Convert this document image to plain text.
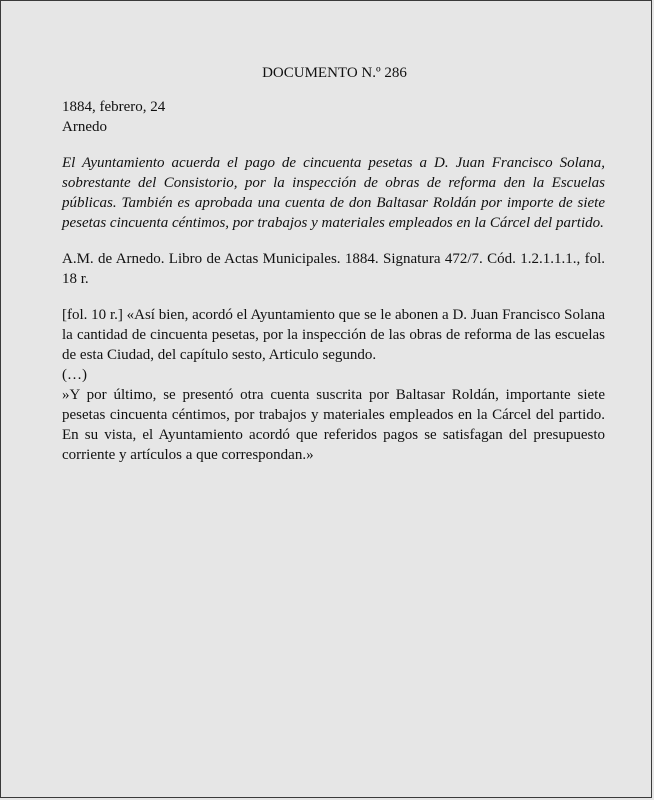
DOCUMENTO N.º 286
1884, febrero, 24
Arnedo
El Ayuntamiento acuerda el pago de cincuenta pesetas a D. Juan Francisco Solana, sobrestante del Consistorio, por la inspección de obras de reforma den la Escuelas públicas. También es aprobada una cuenta de don Baltasar Roldán por importe de siete pesetas cincuenta céntimos, por trabajos y materiales empleados en la Cárcel del partido.
A.M. de Arnedo. Libro de Actas Municipales. 1884. Signatura 472/7. Cód. 1.2.1.1.1., fol. 18 r.

[fol. 10 r.] «Así bien, acordó el Ayuntamiento que se le abonen a D. Juan Francisco Solana la cantidad de cincuenta pesetas, por la inspección de las obras de reforma de las escuelas de esta Ciudad, del capítulo sesto, Articulo segundo.

(…)

»Y por último, se presentó otra cuenta suscrita por Baltasar Roldán, importante siete pesetas cincuenta céntimos, por trabajos y materiales empleados en la Cárcel del partido. En su vista, el Ayuntamiento acordó que referidos pagos se satisfagan del presupuesto corriente y artículos a que correspondan.»
